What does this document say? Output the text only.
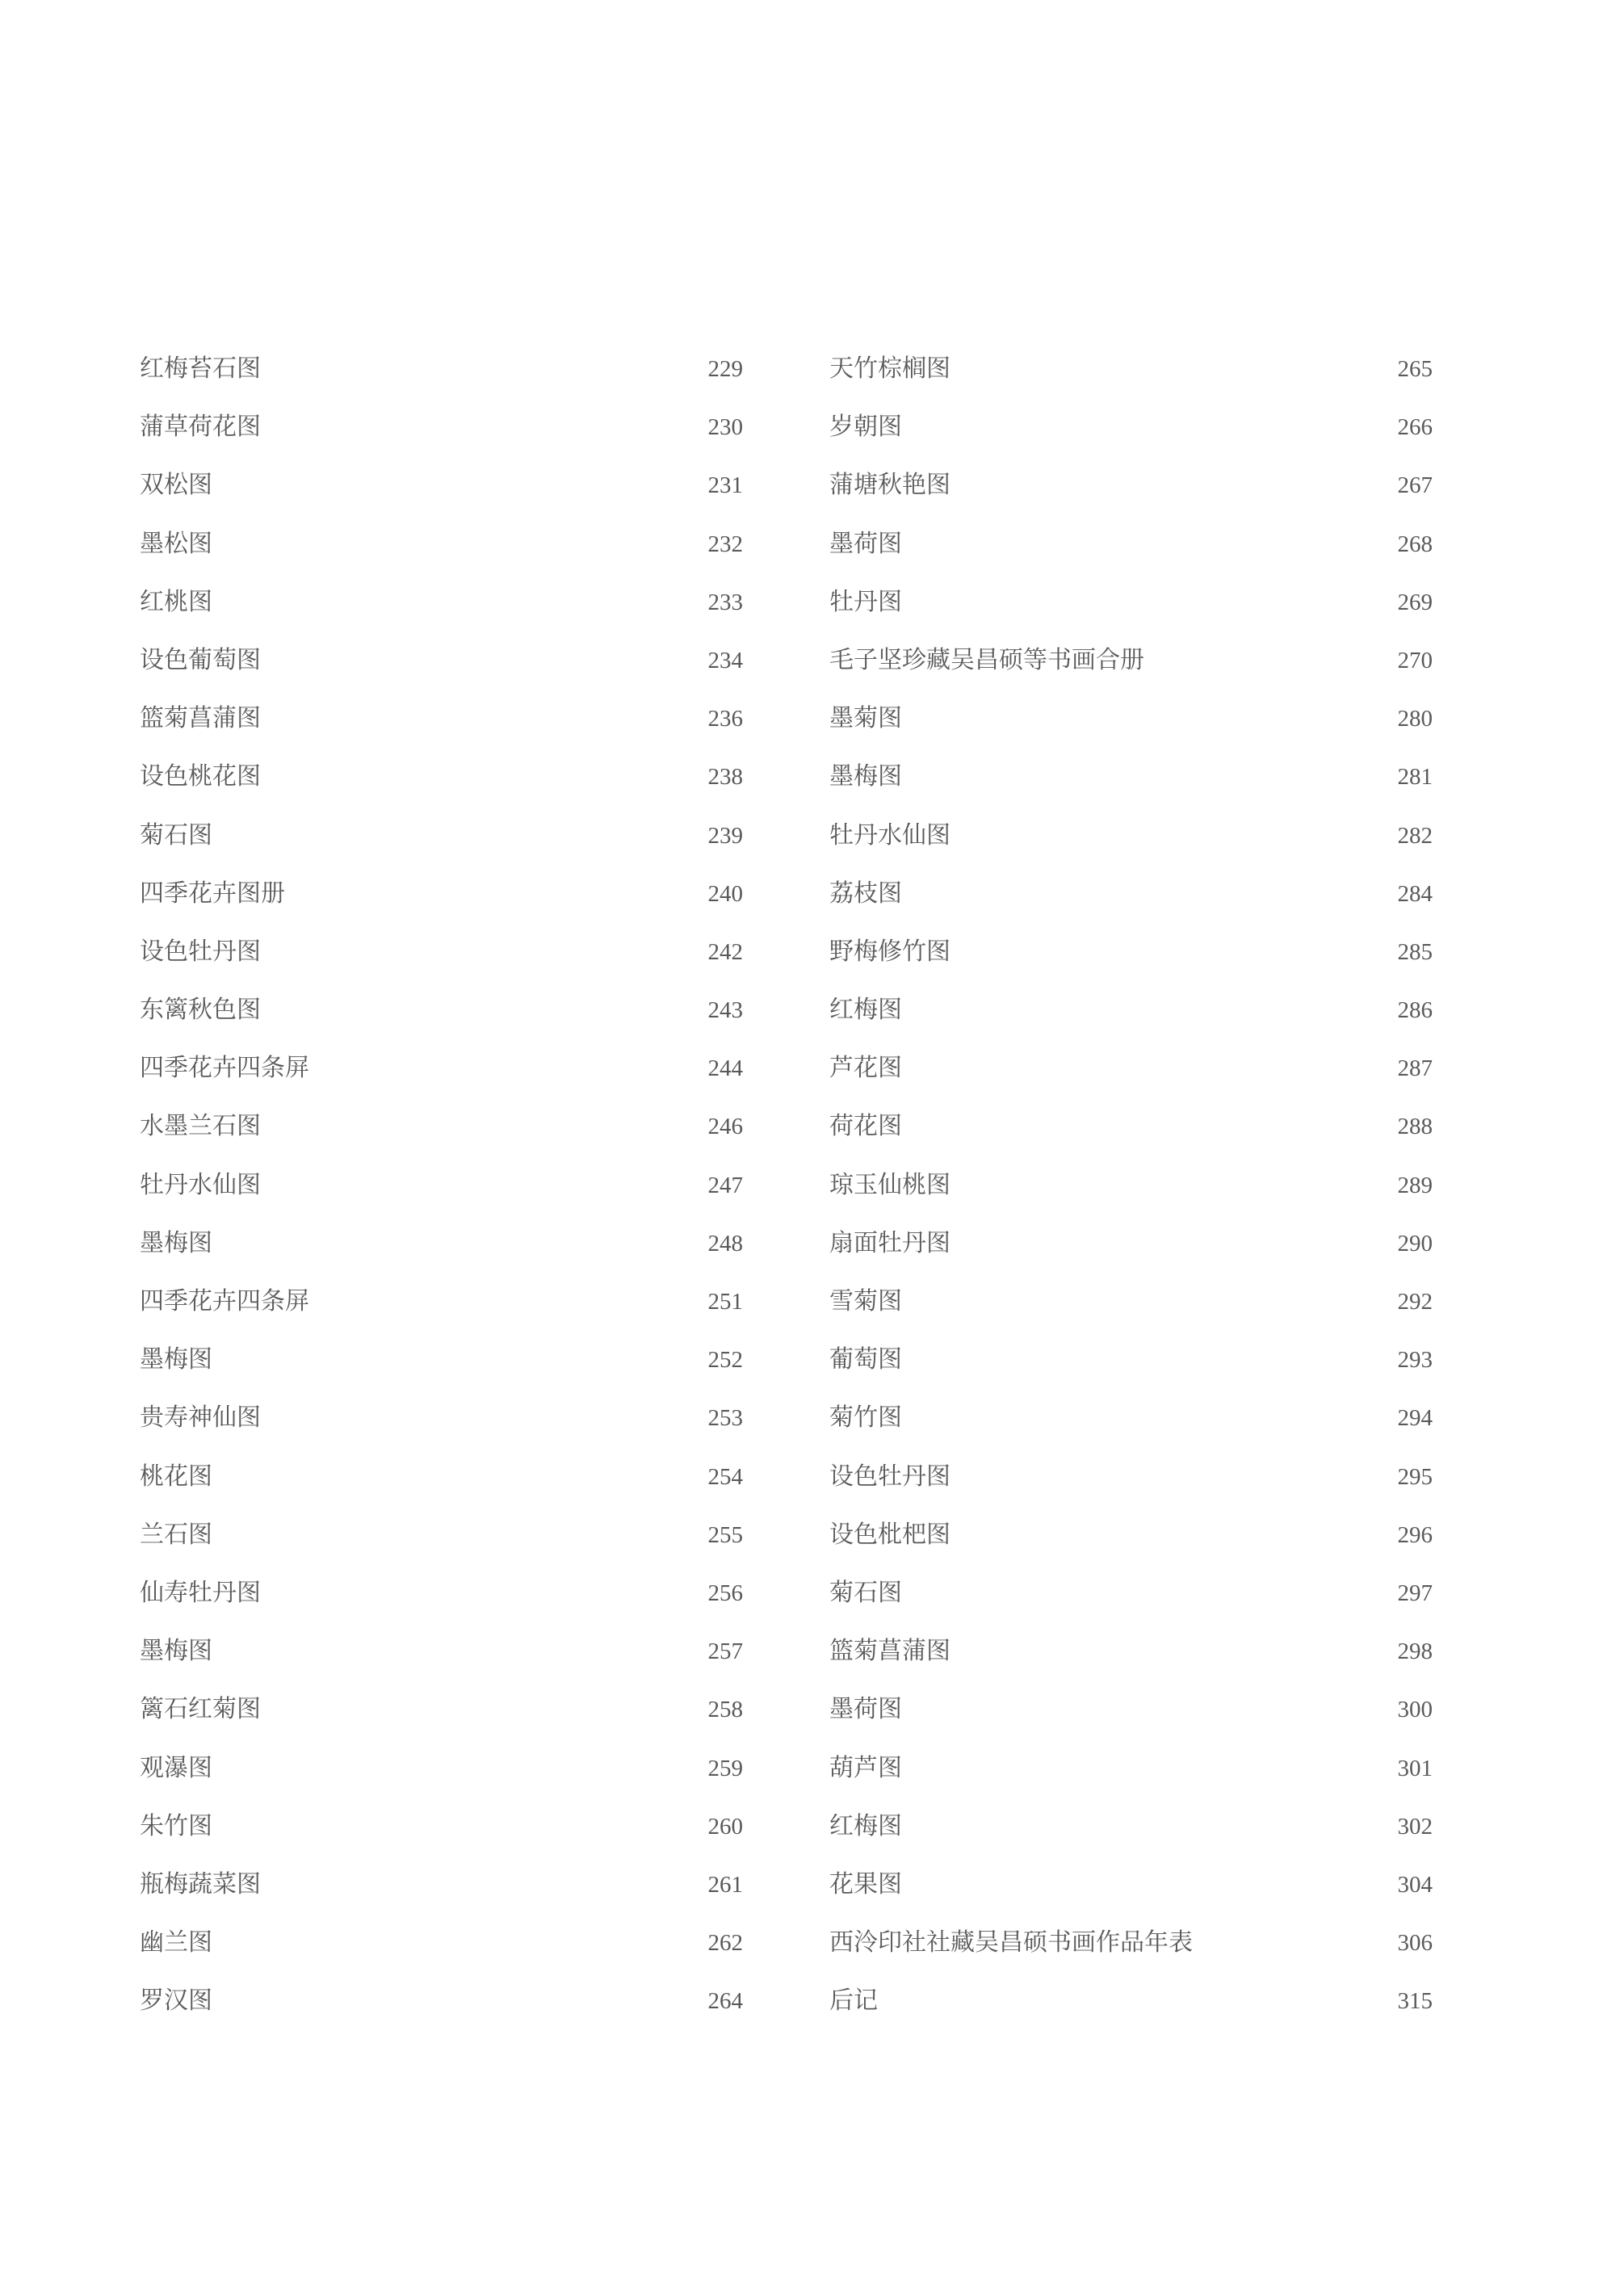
红梅苔石图	229
蒲草荷花图	230
双松图	231
墨松图	232
红桃图	233
设色葡萄图	234
篮菊菖蒲图	236
设色桃花图	238
菊石图	239
四季花卉图册	240
设色牡丹图	242
东篱秋色图	243
四季花卉四条屏	244
水墨兰石图	246
牡丹水仙图	247
墨梅图	248
四季花卉四条屏	251
墨梅图	252
贵寿神仙图	253
桃花图	254
兰石图	255
仙寿牡丹图	256
墨梅图	257
篱石红菊图	258
观瀑图	259
朱竹图	260
瓶梅蔬菜图	261
幽兰图	262
罗汉图	264
天竹棕榈图	265
岁朝图	266
蒲塘秋艳图	267
墨荷图	268
牡丹图	269
毛子坚珍藏吴昌硕等书画合册	270
墨菊图	280
墨梅图	281
牡丹水仙图	282
荔枝图	284
野梅修竹图	285
红梅图	286
芦花图	287
荷花图	288
琼玉仙桃图	289
扇面牡丹图	290
雪菊图	292
葡萄图	293
菊竹图	294
设色牡丹图	295
设色枇杷图	296
菊石图	297
篮菊菖蒲图	298
墨荷图	300
葫芦图	301
红梅图	302
花果图	304
西泠印社社藏吴昌硕书画作品年表	306
后记	315
